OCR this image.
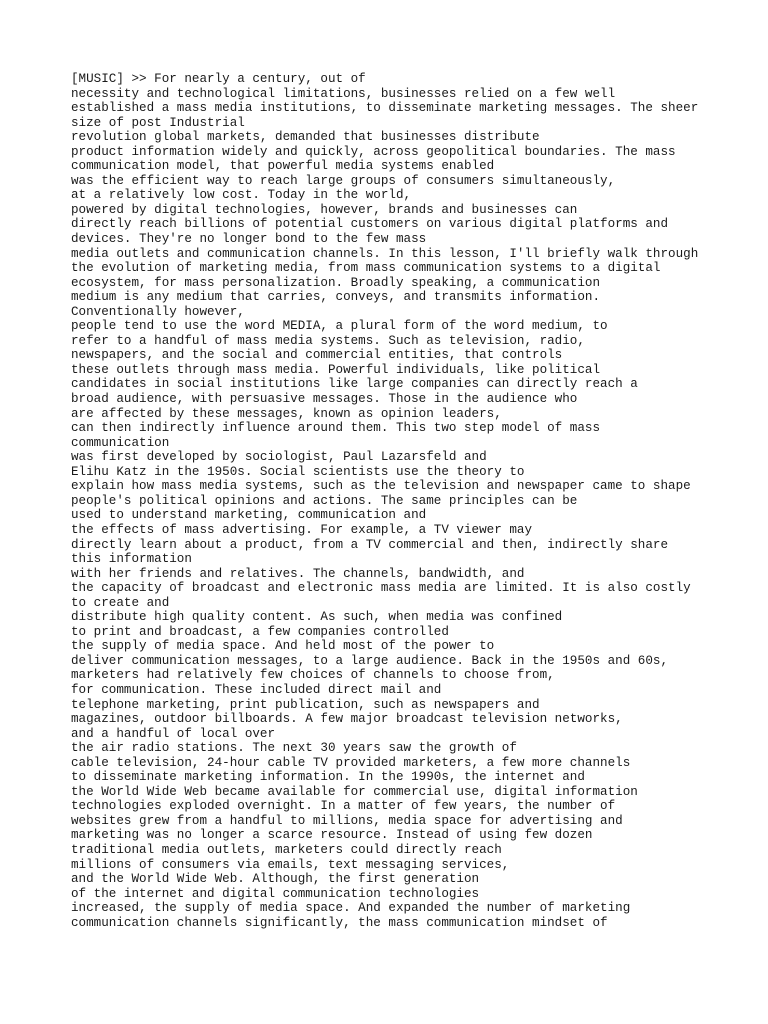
[MUSIC] >> For nearly a century, out of
necessity and technological limitations, businesses relied on a few well
established a mass media institutions, to disseminate marketing messages. The sheer
size of post Industrial
revolution global markets, demanded that businesses distribute
product information widely and quickly, across geopolitical boundaries. The mass
communication model, that powerful media systems enabled
was the efficient way to reach large groups of consumers simultaneously,
at a relatively low cost. Today in the world,
powered by digital technologies, however, brands and businesses can
directly reach billions of potential customers on various digital platforms and
devices. They're no longer bond to the few mass
media outlets and communication channels. In this lesson, I'll briefly walk through
the evolution of marketing media, from mass communication systems to a digital
ecosystem, for mass personalization. Broadly speaking, a communication
medium is any medium that carries, conveys, and transmits information.
Conventionally however,
people tend to use the word MEDIA, a plural form of the word medium, to
refer to a handful of mass media systems. Such as television, radio,
newspapers, and the social and commercial entities, that controls
these outlets through mass media. Powerful individuals, like political
candidates in social institutions like large companies can directly reach a
broad audience, with persuasive messages. Those in the audience who
are affected by these messages, known as opinion leaders,
can then indirectly influence around them. This two step model of mass
communication
was first developed by sociologist, Paul Lazarsfeld and
Elihu Katz in the 1950s. Social scientists use the theory to
explain how mass media systems, such as the television and newspaper came to shape
people's political opinions and actions. The same principles can be
used to understand marketing, communication and
the effects of mass advertising. For example, a TV viewer may
directly learn about a product, from a TV commercial and then, indirectly share
this information
with her friends and relatives. The channels, bandwidth, and
the capacity of broadcast and electronic mass media are limited. It is also costly
to create and
distribute high quality content. As such, when media was confined
to print and broadcast, a few companies controlled
the supply of media space. And held most of the power to
deliver communication messages, to a large audience. Back in the 1950s and 60s,
marketers had relatively few choices of channels to choose from,
for communication. These included direct mail and
telephone marketing, print publication, such as newspapers and
magazines, outdoor billboards. A few major broadcast television networks,
and a handful of local over
the air radio stations. The next 30 years saw the growth of
cable television, 24-hour cable TV provided marketers, a few more channels
to disseminate marketing information. In the 1990s, the internet and
the World Wide Web became available for commercial use, digital information
technologies exploded overnight. In a matter of few years, the number of
websites grew from a handful to millions, media space for advertising and
marketing was no longer a scarce resource. Instead of using few dozen
traditional media outlets, marketers could directly reach
millions of consumers via emails, text messaging services,
and the World Wide Web. Although, the first generation
of the internet and digital communication technologies
increased, the supply of media space. And expanded the number of marketing
communication channels significantly, the mass communication mindset of
